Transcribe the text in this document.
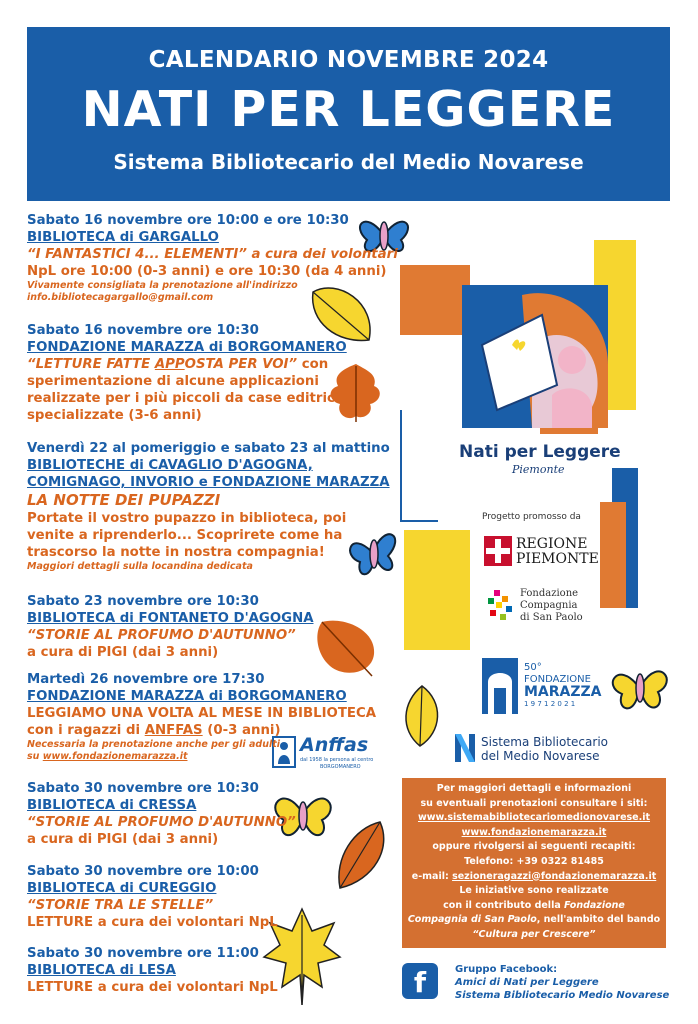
CALENDARIO NOVEMBRE 2024
NATI PER LEGGERE
Sistema Bibliotecario del Medio Novarese
Nati per Leggere
Piemonte
Progetto promosso da
REGIONE
PIEMONTE
Fondazione
Compagnia
di San Paolo
50°
FONDAZIONE
MARAZZA
1 9 7 1 2 0 2 1
Sistema Bibliotecario
del Medio Novarese
Anffas
dal 1958 la persona al centro
BORGOMANERO
Sabato 16 novembre ore 10:00 e ore 10:30
BIBLIOTECA di GARGALLO
“I FANTASTICI 4... ELEMENTI” a cura dei volontari
NpL ore 10:00 (0-3 anni) e ore 10:30 (da 4 anni)
Vivamente consigliata la prenotazione all'indirizzo
info.bibliotecagargallo@gmail.com
Sabato 16 novembre ore 10:30
FONDAZIONE MARAZZA di BORGOMANERO
“LETTURE FATTE APPOSTA PER VOI” con
sperimentazione di alcune applicazioni
realizzate per i più piccoli da case editrici
specializzate (3-6 anni)
Venerdì 22 al pomeriggio e sabato 23 al mattino
BIBLIOTECHE di CAVAGLIO D'AGOGNA,
COMIGNAGO, INVORIO e FONDAZIONE MARAZZA
LA NOTTE DEI PUPAZZI
Portate il vostro pupazzo in biblioteca, poi
venite a riprenderlo... Scoprirete come ha
trascorso la notte in nostra compagnia!
Maggiori dettagli sulla locandina dedicata
Sabato 23 novembre ore 10:30
BIBLIOTECA di FONTANETO D'AGOGNA
“STORIE AL PROFUMO D'AUTUNNO”
a cura di PIGI (dai 3 anni)
Martedì 26 novembre ore 17:30
FONDAZIONE MARAZZA di BORGOMANERO
LEGGIAMO UNA VOLTA AL MESE IN BIBLIOTECA
con i ragazzi di ANFFAS (0-3 anni)
Necessaria la prenotazione anche per gli adulti
su www.fondazionemarazza.it
Sabato 30 novembre ore 10:30
BIBLIOTECA di CRESSA
“STORIE AL PROFUMO D'AUTUNNO”
a cura di PIGI (dai 3 anni)
Sabato 30 novembre ore 10:00
BIBLIOTECA di CUREGGIO
“STORIE TRA LE STELLE”
LETTURE a cura dei volontari NpL
Sabato 30 novembre ore 11:00
BIBLIOTECA di LESA
LETTURE a cura dei volontari NpL
Per maggiori dettagli e informazioni
su eventuali prenotazioni consultare i siti:
www.sistemabibliotecariomedionovarese.it
www.fondazionemarazza.it
oppure rivolgersi ai seguenti recapiti:
Telefono: +39 0322 81485
e-mail: sezioneragazzi@fondazionemarazza.it
Le iniziative sono realizzate
con il contributo della Fondazione
Compagnia di San Paolo, nell'ambito del bando
“Cultura per Crescere”
f	Gruppo Facebook:
Amici di Nati per Leggere
Sistema Bibliotecario Medio Novarese
